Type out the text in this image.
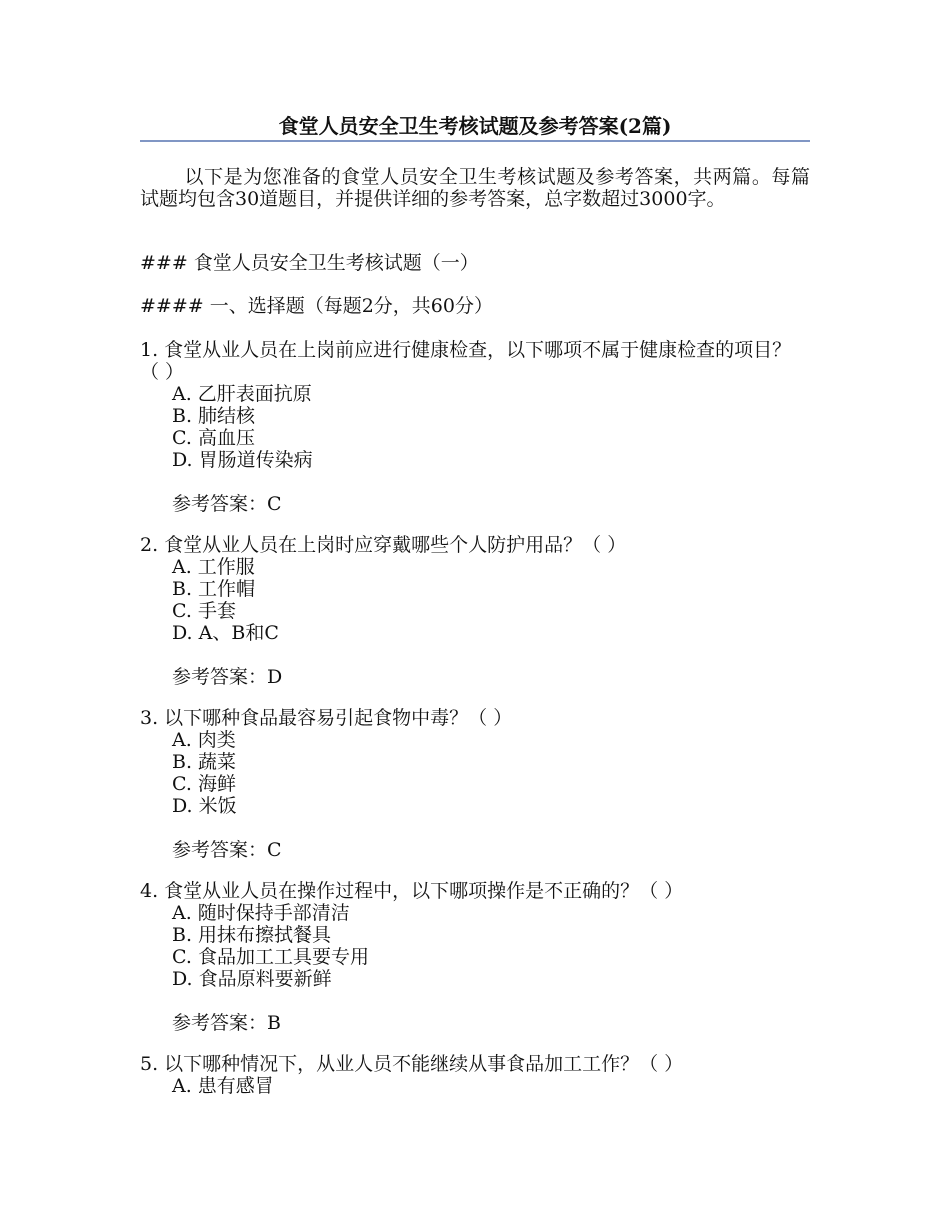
食堂人员安全卫生考核试题及参考答案(2篇)

以下是为您准备的食堂人员安全卫生考核试题及参考答案，共两篇。每篇试题均包含30道题目，并提供详细的参考答案，总字数超过3000字。

### 食堂人员安全卫生考核试题（一）

#### 一、选择题（每题2分，共60分）

1. 食堂从业人员在上岗前应进行健康检查，以下哪项不属于健康检查的项目？（ ）

A. 乙肝表面抗原

B. 肺结核

C. 高血压

D. 胃肠道传染病

参考答案：C

2. 食堂从业人员在上岗时应穿戴哪些个人防护用品？（ ）

A. 工作服

B. 工作帽

C. 手套

D. A、B和C

参考答案：D

3. 以下哪种食品最容易引起食物中毒？（ ）

A. 肉类

B. 蔬菜

C. 海鲜

D. 米饭

参考答案：C

4. 食堂从业人员在操作过程中，以下哪项操作是不正确的？（ ）

A. 随时保持手部清洁

B. 用抹布擦拭餐具

C. 食品加工工具要专用

D. 食品原料要新鲜

参考答案：B

5. 以下哪种情况下，从业人员不能继续从事食品加工工作？（ ）

A. 患有感冒
